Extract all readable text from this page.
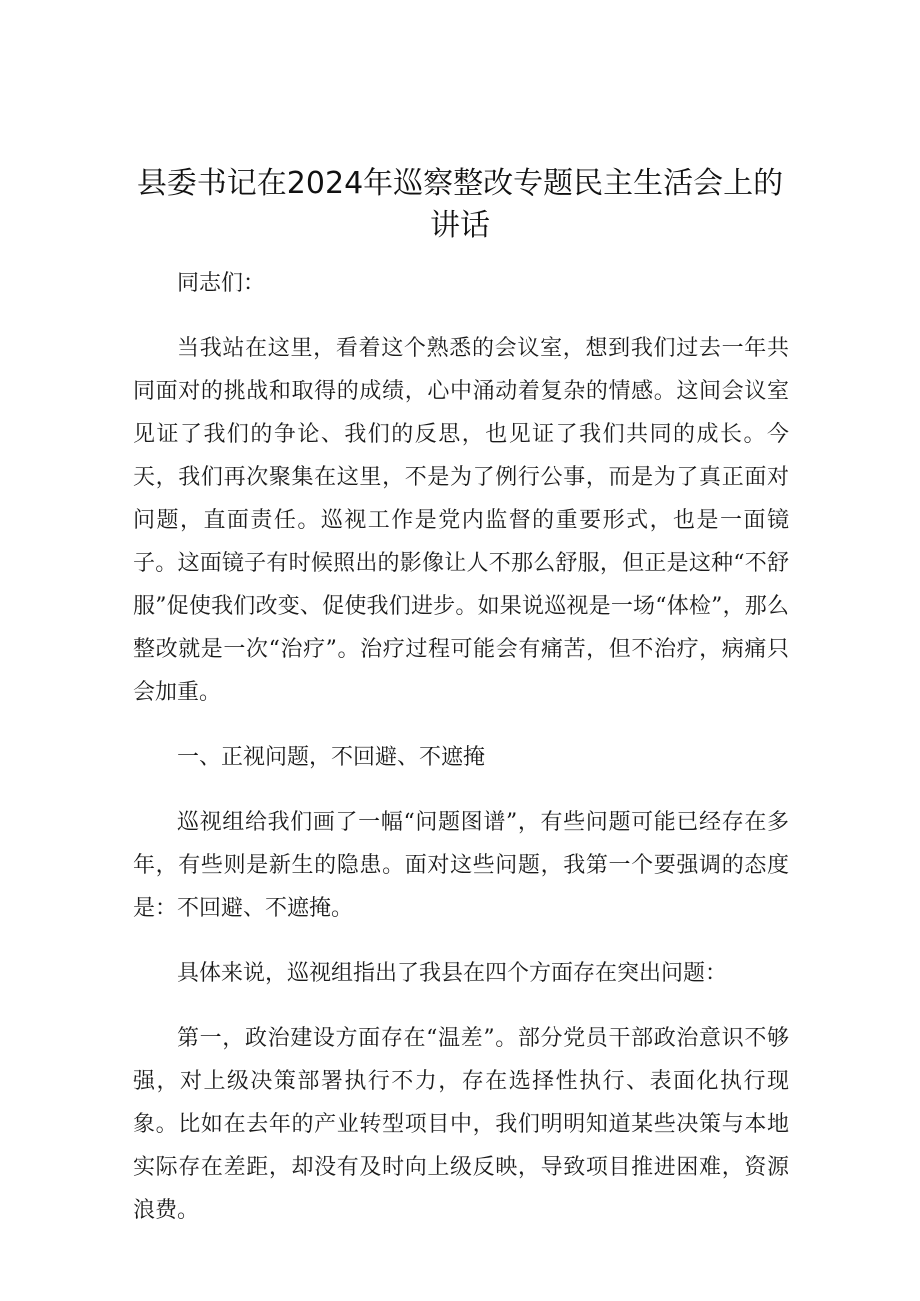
县委书记在2024年巡察整改专题民主生活会上的讲话

同志们：

当我站在这里，看着这个熟悉的会议室，想到我们过去一年共同面对的挑战和取得的成绩，心中涌动着复杂的情感。这间会议室见证了我们的争论、我们的反思，也见证了我们共同的成长。今天，我们再次聚集在这里，不是为了例行公事，而是为了真正面对问题，直面责任。巡视工作是党内监督的重要形式，也是一面镜子。这面镜子有时候照出的影像让人不那么舒服，但正是这种“不舒服”促使我们改变、促使我们进步。如果说巡视是一场“体检”，那么整改就是一次“治疗”。治疗过程可能会有痛苦，但不治疗，病痛只会加重。

一、正视问题，不回避、不遮掩

巡视组给我们画了一幅“问题图谱”，有些问题可能已经存在多年，有些则是新生的隐患。面对这些问题，我第一个要强调的态度是：不回避、不遮掩。

具体来说，巡视组指出了我县在四个方面存在突出问题：

第一，政治建设方面存在“温差”。部分党员干部政治意识不够强，对上级决策部署执行不力，存在选择性执行、表面化执行现象。比如在去年的产业转型项目中，我们明明知道某些决策与本地实际存在差距，却没有及时向上级反映，导致项目推进困难，资源浪费。
